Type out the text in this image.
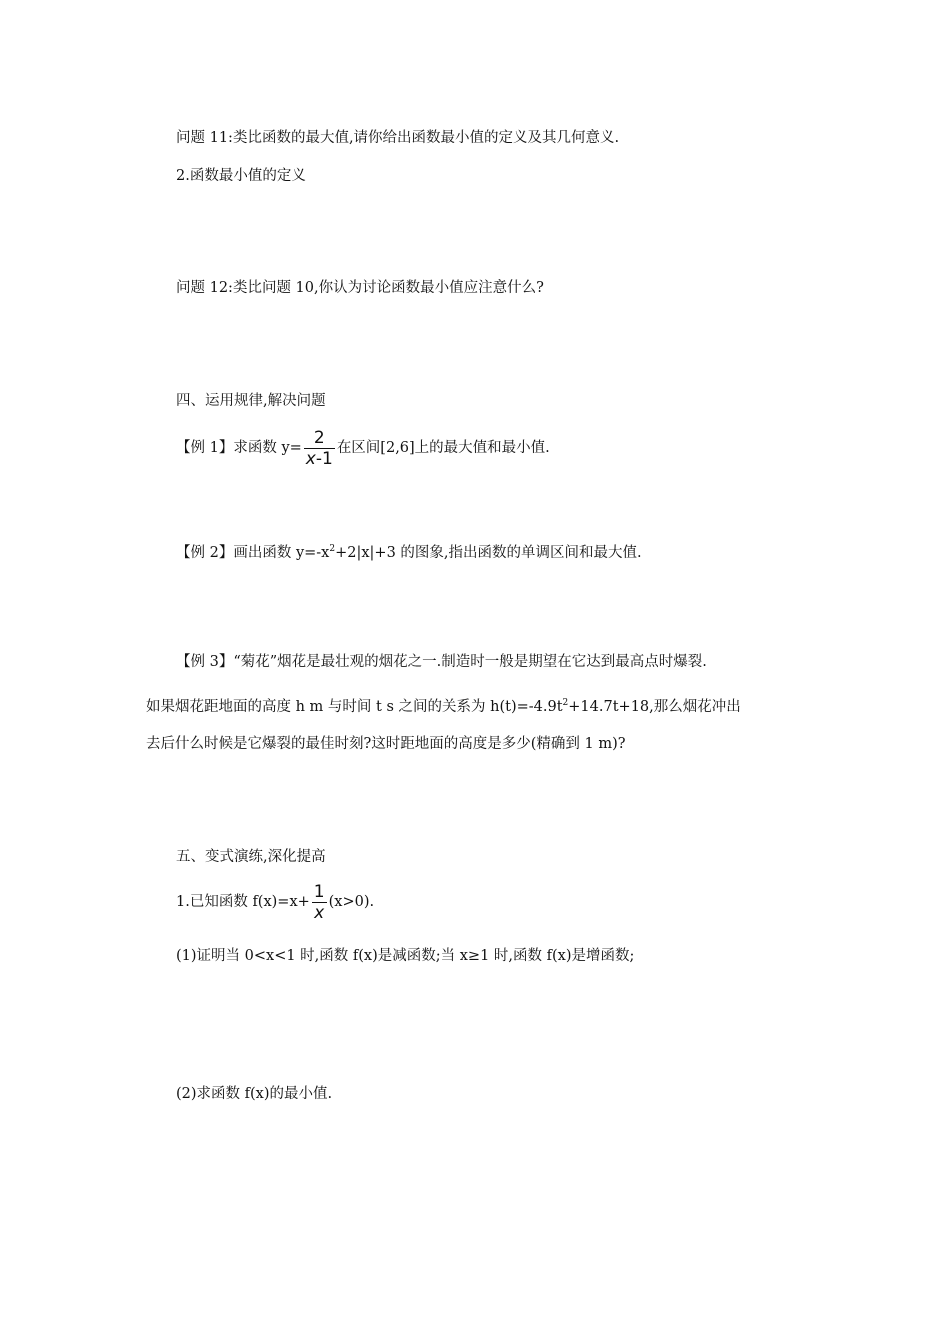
问题 11:类比函数的最大值,请你给出函数最小值的定义及其几何意义.
2.函数最小值的定义
问题 12:类比问题 10,你认为讨论函数最小值应注意什么?
四、运用规律,解决问题
【例 1】求函数 $y= \frac{2}{x-1}$ 在区间[2,6]上的最大值和最小值.
【例 2】画出函数 $y=-x^2+2|x|+3$ 的图象,指出函数的单调区间和最大值.
【例 3】“菊花”烟花是最壮观的烟花之一.制造时一般是期望在它达到最高点时爆裂.
如果烟花距地面的高度 h m 与时间 t s 之间的关系为 $h(t)=-4.9t^2+14.7t+18$,那么烟花冲出
去后什么时候是它爆裂的最佳时刻?这时距地面的高度是多少(精确到 1 m)?
五、变式演练,深化提高
1.已知函数 $f(x)=x+ \frac{1}{x} (x>0)$.
(1)证明当 0<x<1 时,函数 f(x)是减函数;当 x≥1 时,函数 f(x)是增函数;
(2)求函数 f(x)的最小值.
